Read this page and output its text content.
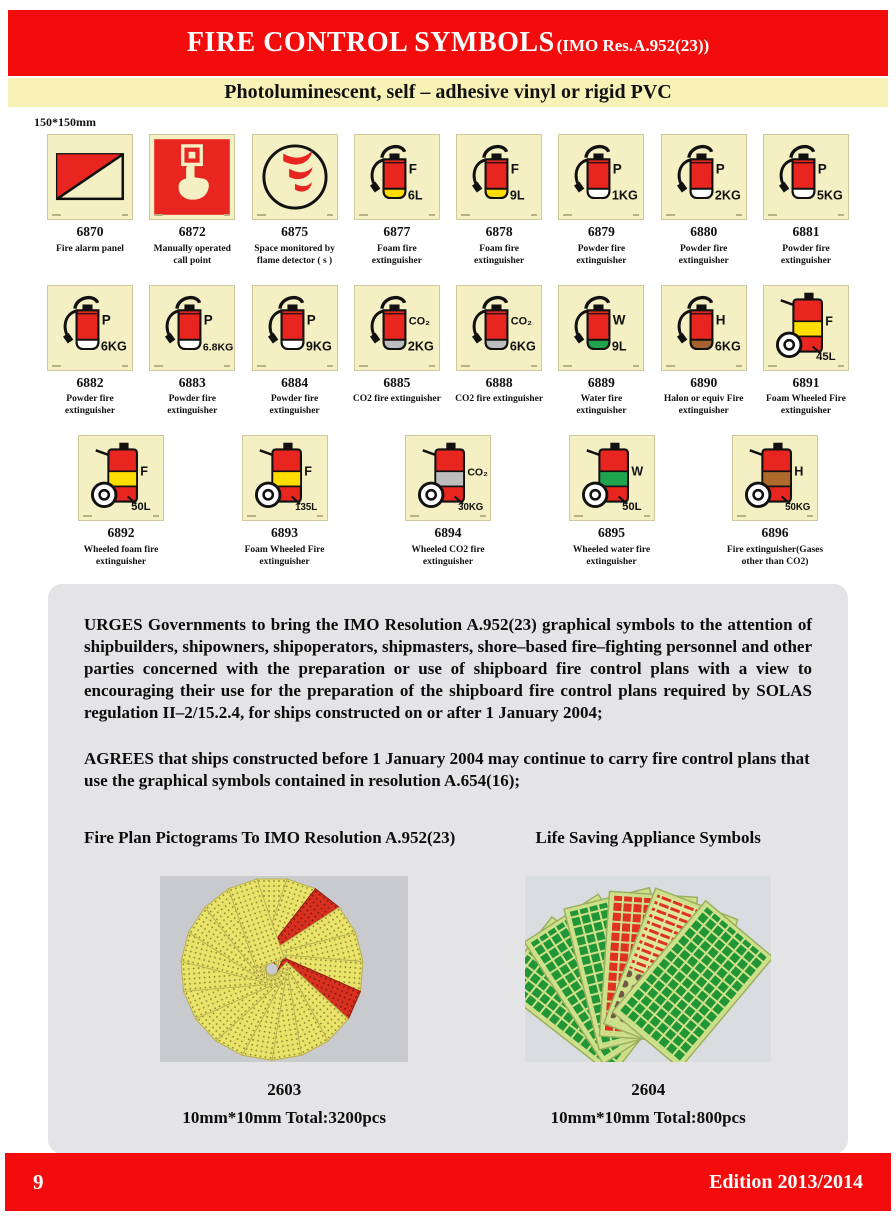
FIRE CONTROL SYMBOLS (IMO Res.A.952(23))
Photoluminescent, self – adhesive vinyl or rigid PVC
150*150mm
6870
Fire alarm panel
6872
Manually operated call point
6875
Space monitored by flame detector ( s )
F
6L
6877
Foam fire extinguisher
F
9L
6878
Foam fire extinguisher
P
1KG
6879
Powder fire extinguisher
P
2KG
6880
Powder fire extinguisher
P
5KG
6881
Powder fire extinguisher
P
6KG
6882
Powder fire extinguisher
P
6.8KG
6883
Powder fire extinguisher
P
9KG
6884
Powder fire extinguisher
CO₂
2KG
6885
CO2 fire extinguisher
CO₂
6KG
6888
CO2 fire extinguisher
W
9L
6889
Water fire extinguisher
H
6KG
6890
Halon or equiv Fire extinguisher
F
45L
6891
Foam Wheeled Fire extinguisher
F
50L
6892
Wheeled foam fire extinguisher
F
135L
6893
Foam Wheeled Fire extinguisher
CO₂
30KG
6894
Wheeled CO2 fire extinguisher
W
50L
6895
Wheeled water fire extinguisher
H
50KG
6896
Fire extinguisher(Gases other than CO2)

URGES Governments to bring the IMO Resolution A.952(23) graphical symbols to the attention of shipbuilders, shipowners, shipoperators, shipmasters, shore–based fire–fighting personnel and other parties concerned with the preparation or use of shipboard fire control plans with a view to encouraging their use for the preparation of the shipboard fire control plans required by SOLAS regulation II–2/15.2.4, for ships constructed on or after 1 January 2004;

AGREES that ships constructed before 1 January 2004 may continue to carry fire control plans that use the graphical symbols contained in resolution A.654(16);

Fire Plan Pictograms To IMO Resolution A.952(23)	Life Saving Appliance Symbols
2603
10mm*10mm Total:3200pcs
2604
10mm*10mm Total:800pcs
9	Edition 2013/2014
